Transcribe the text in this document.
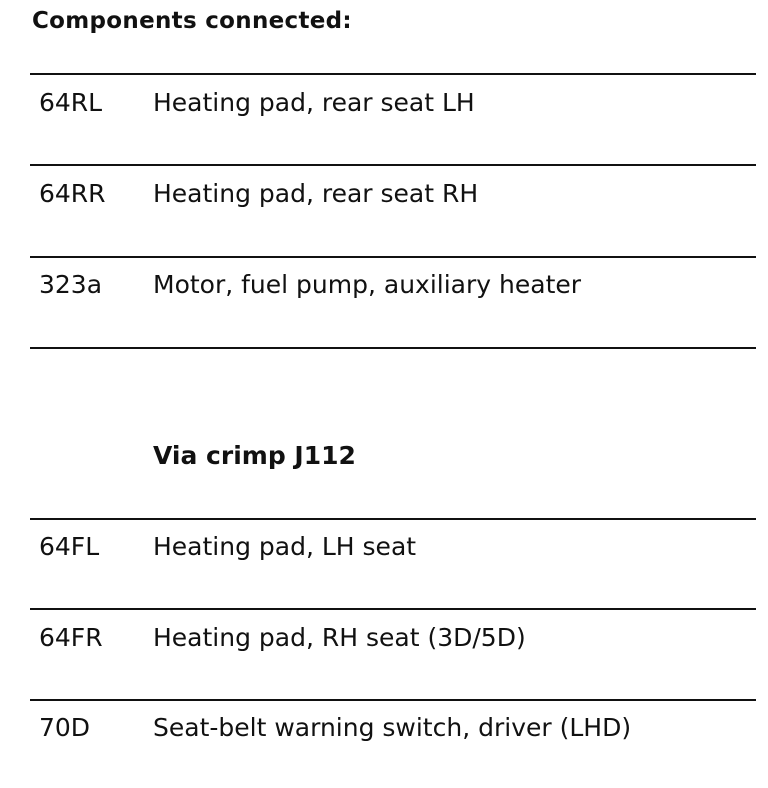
Components connected:
64RL Heating pad, rear seat LH
64RR Heating pad, rear seat RH
323a Motor, fuel pump, auxiliary heater
Via crimp J112
64FL Heating pad, LH seat
64FR Heating pad, RH seat (3D/5D)
70D	Seat-belt warning switch, driver (LHD)
